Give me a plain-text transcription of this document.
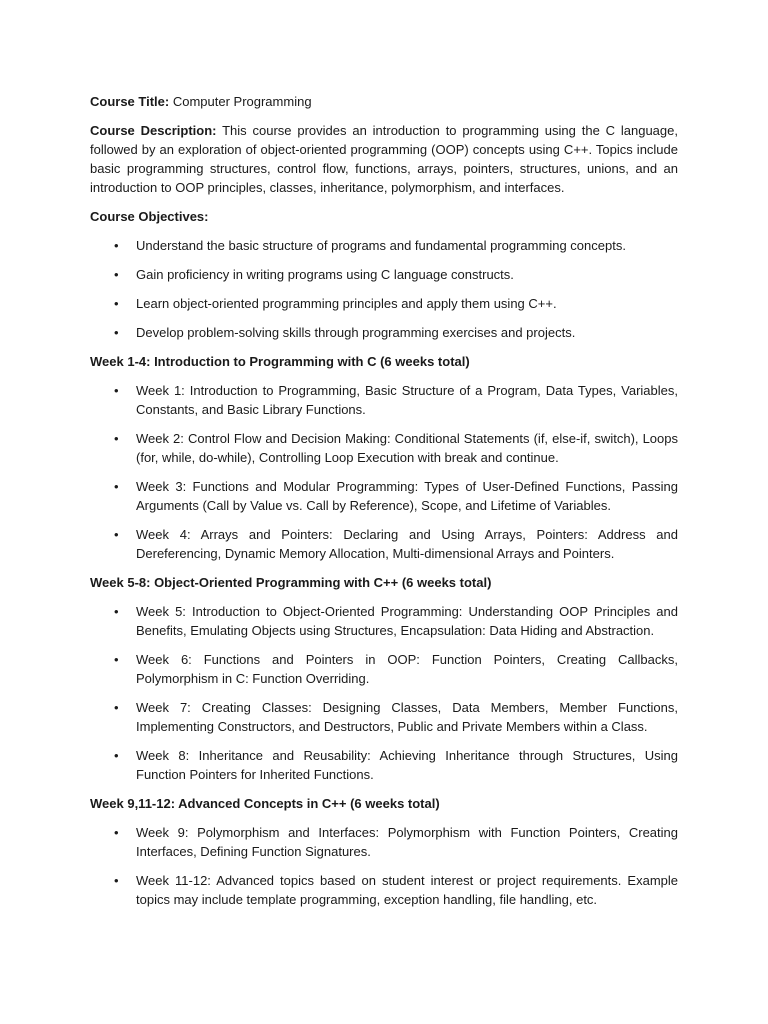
Course Title: Computer Programming

Course Description: This course provides an introduction to programming using the C language, followed by an exploration of object-oriented programming (OOP) concepts using C++. Topics include basic programming structures, control flow, functions, arrays, pointers, structures, unions, and an introduction to OOP principles, classes, inheritance, polymorphism, and interfaces.

Course Objectives:

• Understand the basic structure of programs and fundamental programming concepts.
• Gain proficiency in writing programs using C language constructs.
• Learn object-oriented programming principles and apply them using C++.
• Develop problem-solving skills through programming exercises and projects.

Week 1-4: Introduction to Programming with C (6 weeks total)

• Week 1: Introduction to Programming, Basic Structure of a Program, Data Types, Variables, Constants, and Basic Library Functions.
• Week 2: Control Flow and Decision Making: Conditional Statements (if, else-if, switch), Loops (for, while, do-while), Controlling Loop Execution with break and continue.
• Week 3: Functions and Modular Programming: Types of User-Defined Functions, Passing Arguments (Call by Value vs. Call by Reference), Scope, and Lifetime of Variables.
• Week 4: Arrays and Pointers: Declaring and Using Arrays, Pointers: Address and Dereferencing, Dynamic Memory Allocation, Multi-dimensional Arrays and Pointers.

Week 5-8: Object-Oriented Programming with C++ (6 weeks total)

• Week 5: Introduction to Object-Oriented Programming: Understanding OOP Principles and Benefits, Emulating Objects using Structures, Encapsulation: Data Hiding and Abstraction.
• Week 6: Functions and Pointers in OOP: Function Pointers, Creating Callbacks, Polymorphism in C: Function Overriding.
• Week 7: Creating Classes: Designing Classes, Data Members, Member Functions, Implementing Constructors, and Destructors, Public and Private Members within a Class.
• Week 8: Inheritance and Reusability: Achieving Inheritance through Structures, Using Function Pointers for Inherited Functions.

Week 9,11-12: Advanced Concepts in C++ (6 weeks total)

• Week 9: Polymorphism and Interfaces: Polymorphism with Function Pointers, Creating Interfaces, Defining Function Signatures.
• Week 11-12: Advanced topics based on student interest or project requirements. Example topics may include template programming, exception handling, file handling, etc.
